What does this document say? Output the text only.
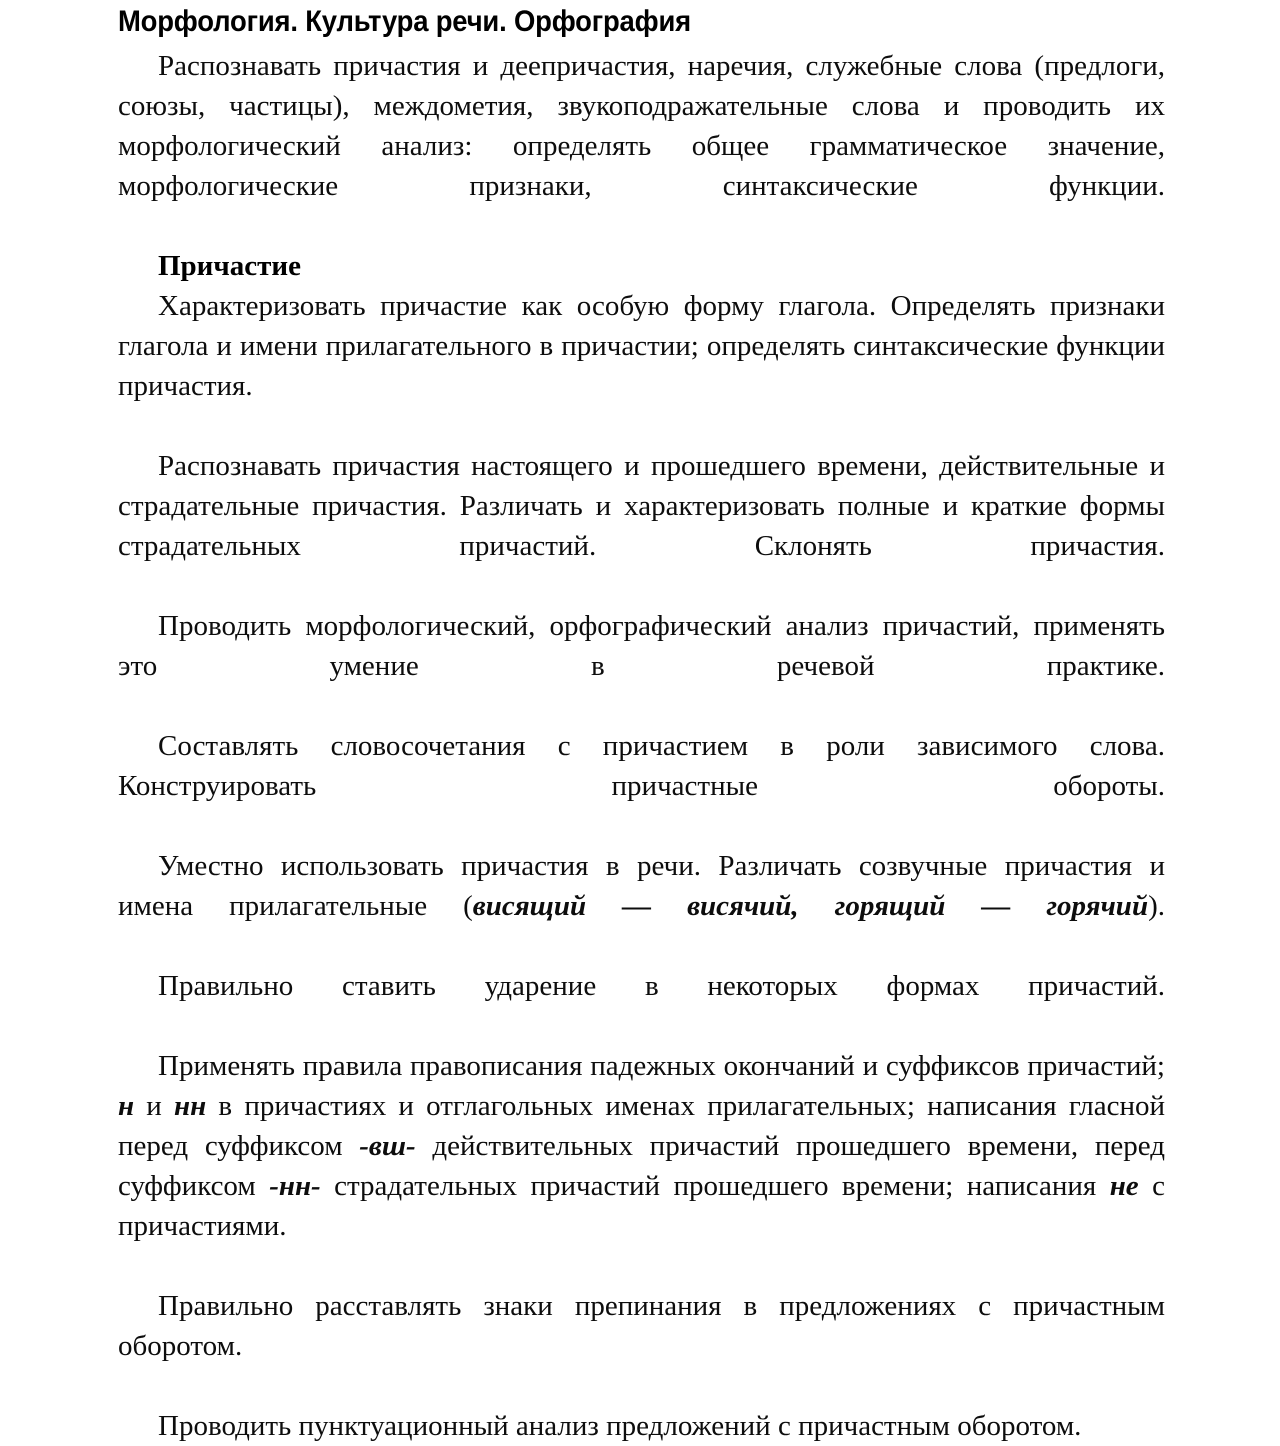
Морфология. Культура речи. Орфография

Распознавать причастия и деепричастия, наречия, служебные слова (предлоги, союзы, частицы), междометия, звукоподражательные слова и проводить их морфологический анализ: определять общее грамматическое значение, морфологические признаки, синтаксические функции.

Причастие

Характеризовать причастие как особую форму глагола. Определять признаки глагола и имени прилагательного в причастии; определять синтаксические функции причастия.

Распознавать причастия настоящего и прошедшего времени, действительные и страдательные причастия. Различать и характеризовать полные и краткие формы страдательных причастий. Склонять причастия.

Проводить морфологический, орфографический анализ причастий, применять это умение в речевой практике.

Составлять словосочетания с причастием в роли зависимого слова. Конструировать причастные обороты.

Уместно использовать причастия в речи. Различать созвучные причастия и имена прилагательные (висящий — висячий, горящий — горячий).

Правильно ставить ударение в некоторых формах причастий.

Применять правила правописания падежных окончаний и суффиксов причастий; н и нн в причастиях и отглагольных именах прилагательных; написания гласной перед суффиксом -вш- действительных причастий прошедшего времени, перед суффиксом -нн- страдательных причастий прошедшего времени; написания не с причастиями.

Правильно расставлять знаки препинания в предложениях с причастным оборотом.

Проводить пунктуационный анализ предложений с причастным оборотом.
